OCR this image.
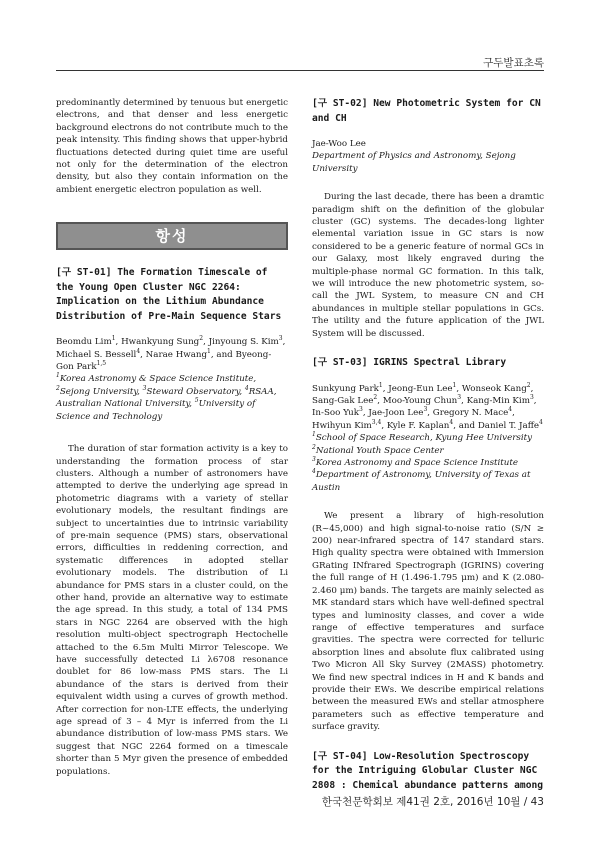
구두발표초록

predominantly determined by tenuous but energetic electrons, and that denser and less energetic background electrons do not contribute much to the peak intensity. This finding shows that upper-hybrid fluctuations detected during quiet time are useful not only for the determination of the electron density, but also they contain information on the ambient energetic electron population as well.

항성

[구 ST-01] The Formation Timescale of the Young Open Cluster NGC 2264: Implication on the Lithium Abundance Distribution of Pre-Main Sequence Stars

Beomdu Lim$^1$, Hwankyung Sung$^2$, Jinyoung S. Kim$^3$, Michael S. Bessell$^4$, Narae Hwang$^1$, and Byeong-Gon Park$^{1,5}$

$^1$Korea Astronomy & Space Science Institute, $^2$Sejong University, $^3$Steward Observatory, $^4$RSAA, Australian National University, $^5$University of Science and Technology

The duration of star formation activity is a key to understanding the formation process of star clusters. Although a number of astronomers have attempted to derive the underlying age spread in photometric diagrams with a variety of stellar evolutionary models, the resultant findings are subject to uncertainties due to intrinsic variability of pre-main sequence (PMS) stars, observational errors, difficulties in reddening correction, and systematic differences in adopted stellar evolutionary models. The distribution of Li abundance for PMS stars in a cluster could, on the other hand, provide an alternative way to estimate the age spread. In this study, a total of 134 PMS stars in NGC 2264 are observed with the high resolution multi-object spectrograph Hectochelle attached to the 6.5m Multi Mirror Telescope. We have successfully detected Li λ6708 resonance doublet for 86 low-mass PMS stars. The Li abundance of the stars is derived from their equivalent width using a curves of growth method. After correction for non-LTE effects, the underlying age spread of 3 – 4 Myr is inferred from the Li abundance distribution of low-mass PMS stars. We suggest that NGC 2264 formed on a timescale shorter than 5 Myr given the presence of embedded populations.

[구 ST-02] New Photometric System for CN and CH

Jae-Woo Lee

Department of Physics and Astronomy, Sejong University

During the last decade, there has been a dramtic paradigm shift on the definition of the globular cluster (GC) systems. The decades-long lighter elemental variation issue in GC stars is now considered to be a generic feature of normal GCs in our Galaxy, most likely engraved during the multiple-phase normal GC formation. In this talk, we will introduce the new photometric system, so-call the JWL System, to measure CN and CH abundances in multiple stellar populations in GCs. The utility and the future application of the JWL System will be discussed.

[구 ST-03] IGRINS Spectral Library

Sunkyung Park$^1$, Jeong-Eun Lee$^1$, Wonseok Kang$^2$, Sang-Gak Lee$^2$, Moo-Young Chun$^3$, Kang-Min Kim$^3$, In-Soo Yuk$^3$, Jae-Joon Lee$^3$, Gregory N. Mace$^4$, Hwihyun Kim$^{3,4}$, Kyle F. Kaplan$^4$, and Daniel T. Jaffe$^4$

$^1$School of Space Research, Kyung Hee University
$^2$National Youth Space Center
$^3$Korea Astronomy and Space Science Institute
$^4$Department of Astronomy, University of Texas at Austin

We present a library of high-resolution (R~45,000) and high signal-to-noise ratio (S/N ≥ 200) near-infrared spectra of 147 standard stars. High quality spectra were obtained with Immersion GRating INfrared Spectrograph (IGRINS) covering the full range of H (1.496-1.795 μm) and K (2.080-2.460 μm) bands. The targets are mainly selected as MK standard stars which have well-defined spectral types and luminosity classes, and cover a wide range of effective temperatures and surface gravities. The spectra were corrected for telluric absorption lines and absolute flux calibrated using Two Micron All Sky Survey (2MASS) photometry. We find new spectral indices in H and K bands and provide their EWs. We describe empirical relations between the measured EWs and stellar atmosphere parameters such as effective temperature and surface gravity.

[구 ST-04] Low-Resolution Spectroscopy for the Intriguing Globular Cluster NGC 2808 : Chemical abundance patterns among

한국천문학회보 제41권 2호, 2016년 10월 / 43
